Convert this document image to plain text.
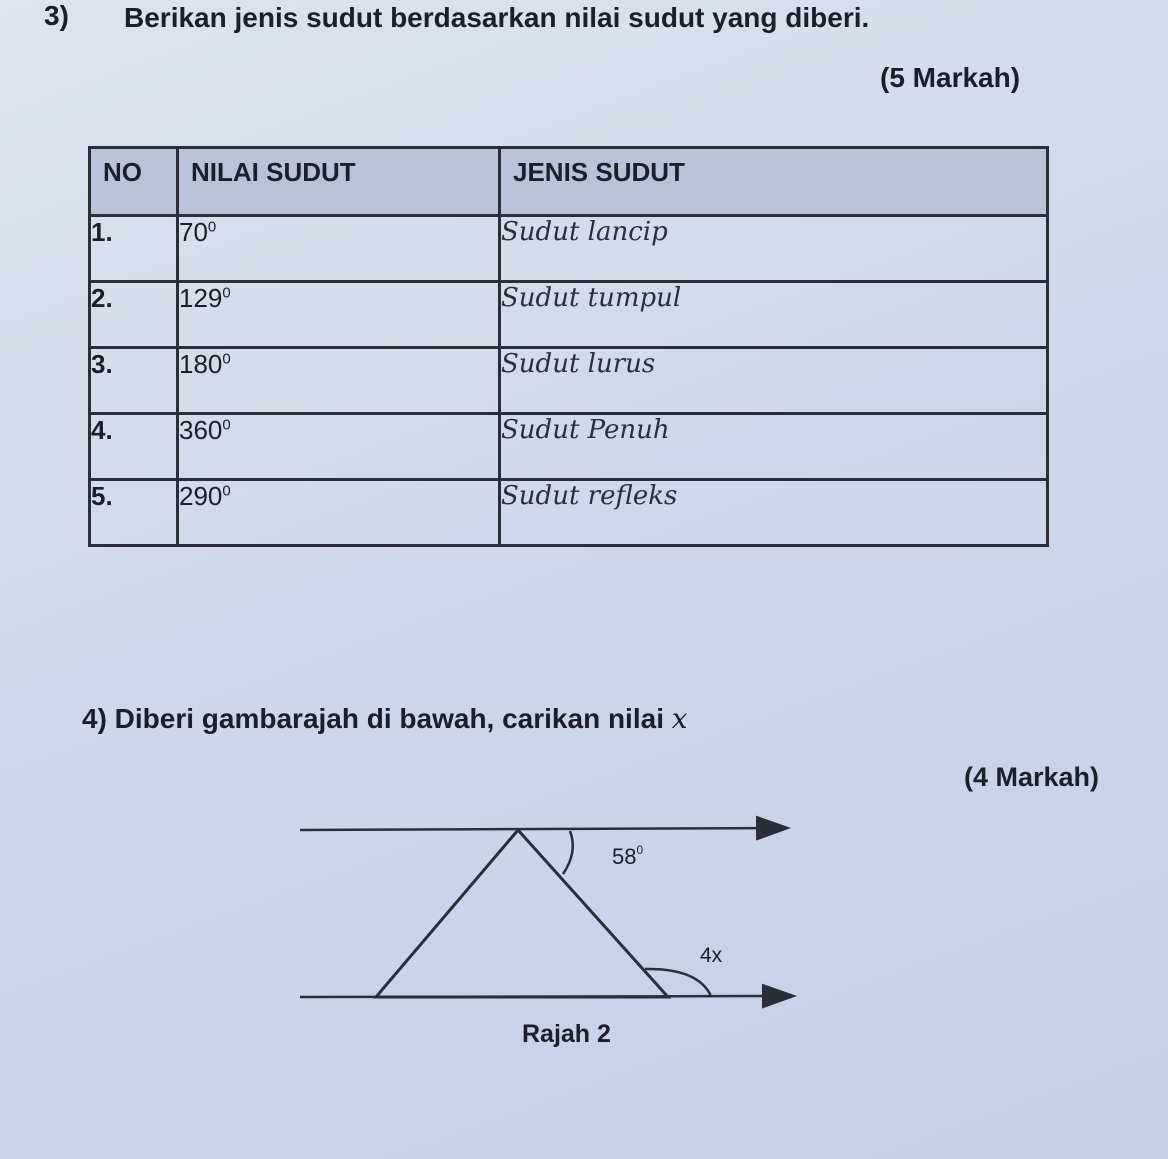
3) Berikan jenis sudut berdasarkan nilai sudut yang diberi.
(5 Markah)
NO	NILAI SUDUT	JENIS SUDUT
1.	$70^0$	Sudut lancip
2.	$129^0$	Sudut tumpul
3.	$180^0$	Sudut lurus
4.	$360^0$	Sudut Penuh
5.	$290^0$	Sudut refleks
4) Diberi gambarajah di bawah, carikan nilai x
(4 Markah)
$58^0$
4x
Rajah 2
